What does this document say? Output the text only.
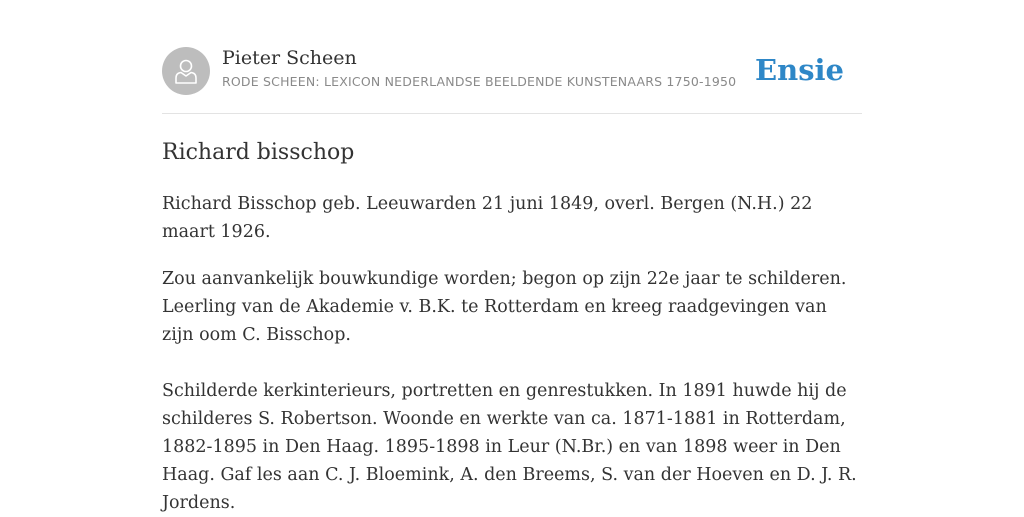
Pieter Scheen
RODE SCHEEN: LEXICON NEDERLANDSE BEELDENDE KUNSTENAARS 1750-1950 Ensie
Richard bisschop

Richard Bisschop geb. Leeuwarden 21 juni 1849, overl. Bergen (N.H.) 22 maart 1926.

Zou aanvankelijk bouwkundige worden; begon op zijn 22e jaar te schilderen. Leerling van de Akademie v. B.K. te Rotterdam en kreeg raadgevingen van zijn oom C. Bisschop.

Schilderde kerkinterieurs, portretten en genrestukken. In 1891 huwde hij de schilderes S. Robertson. Woonde en werkte van ca. 1871-1881 in Rotterdam, 1882-1895 in Den Haag. 1895-1898 in Leur (N.Br.) en van 1898 weer in Den Haag. Gaf les aan C. J. Bloemink, A. den Breems, S. van der Hoeven en D. J. R. Jordens.
